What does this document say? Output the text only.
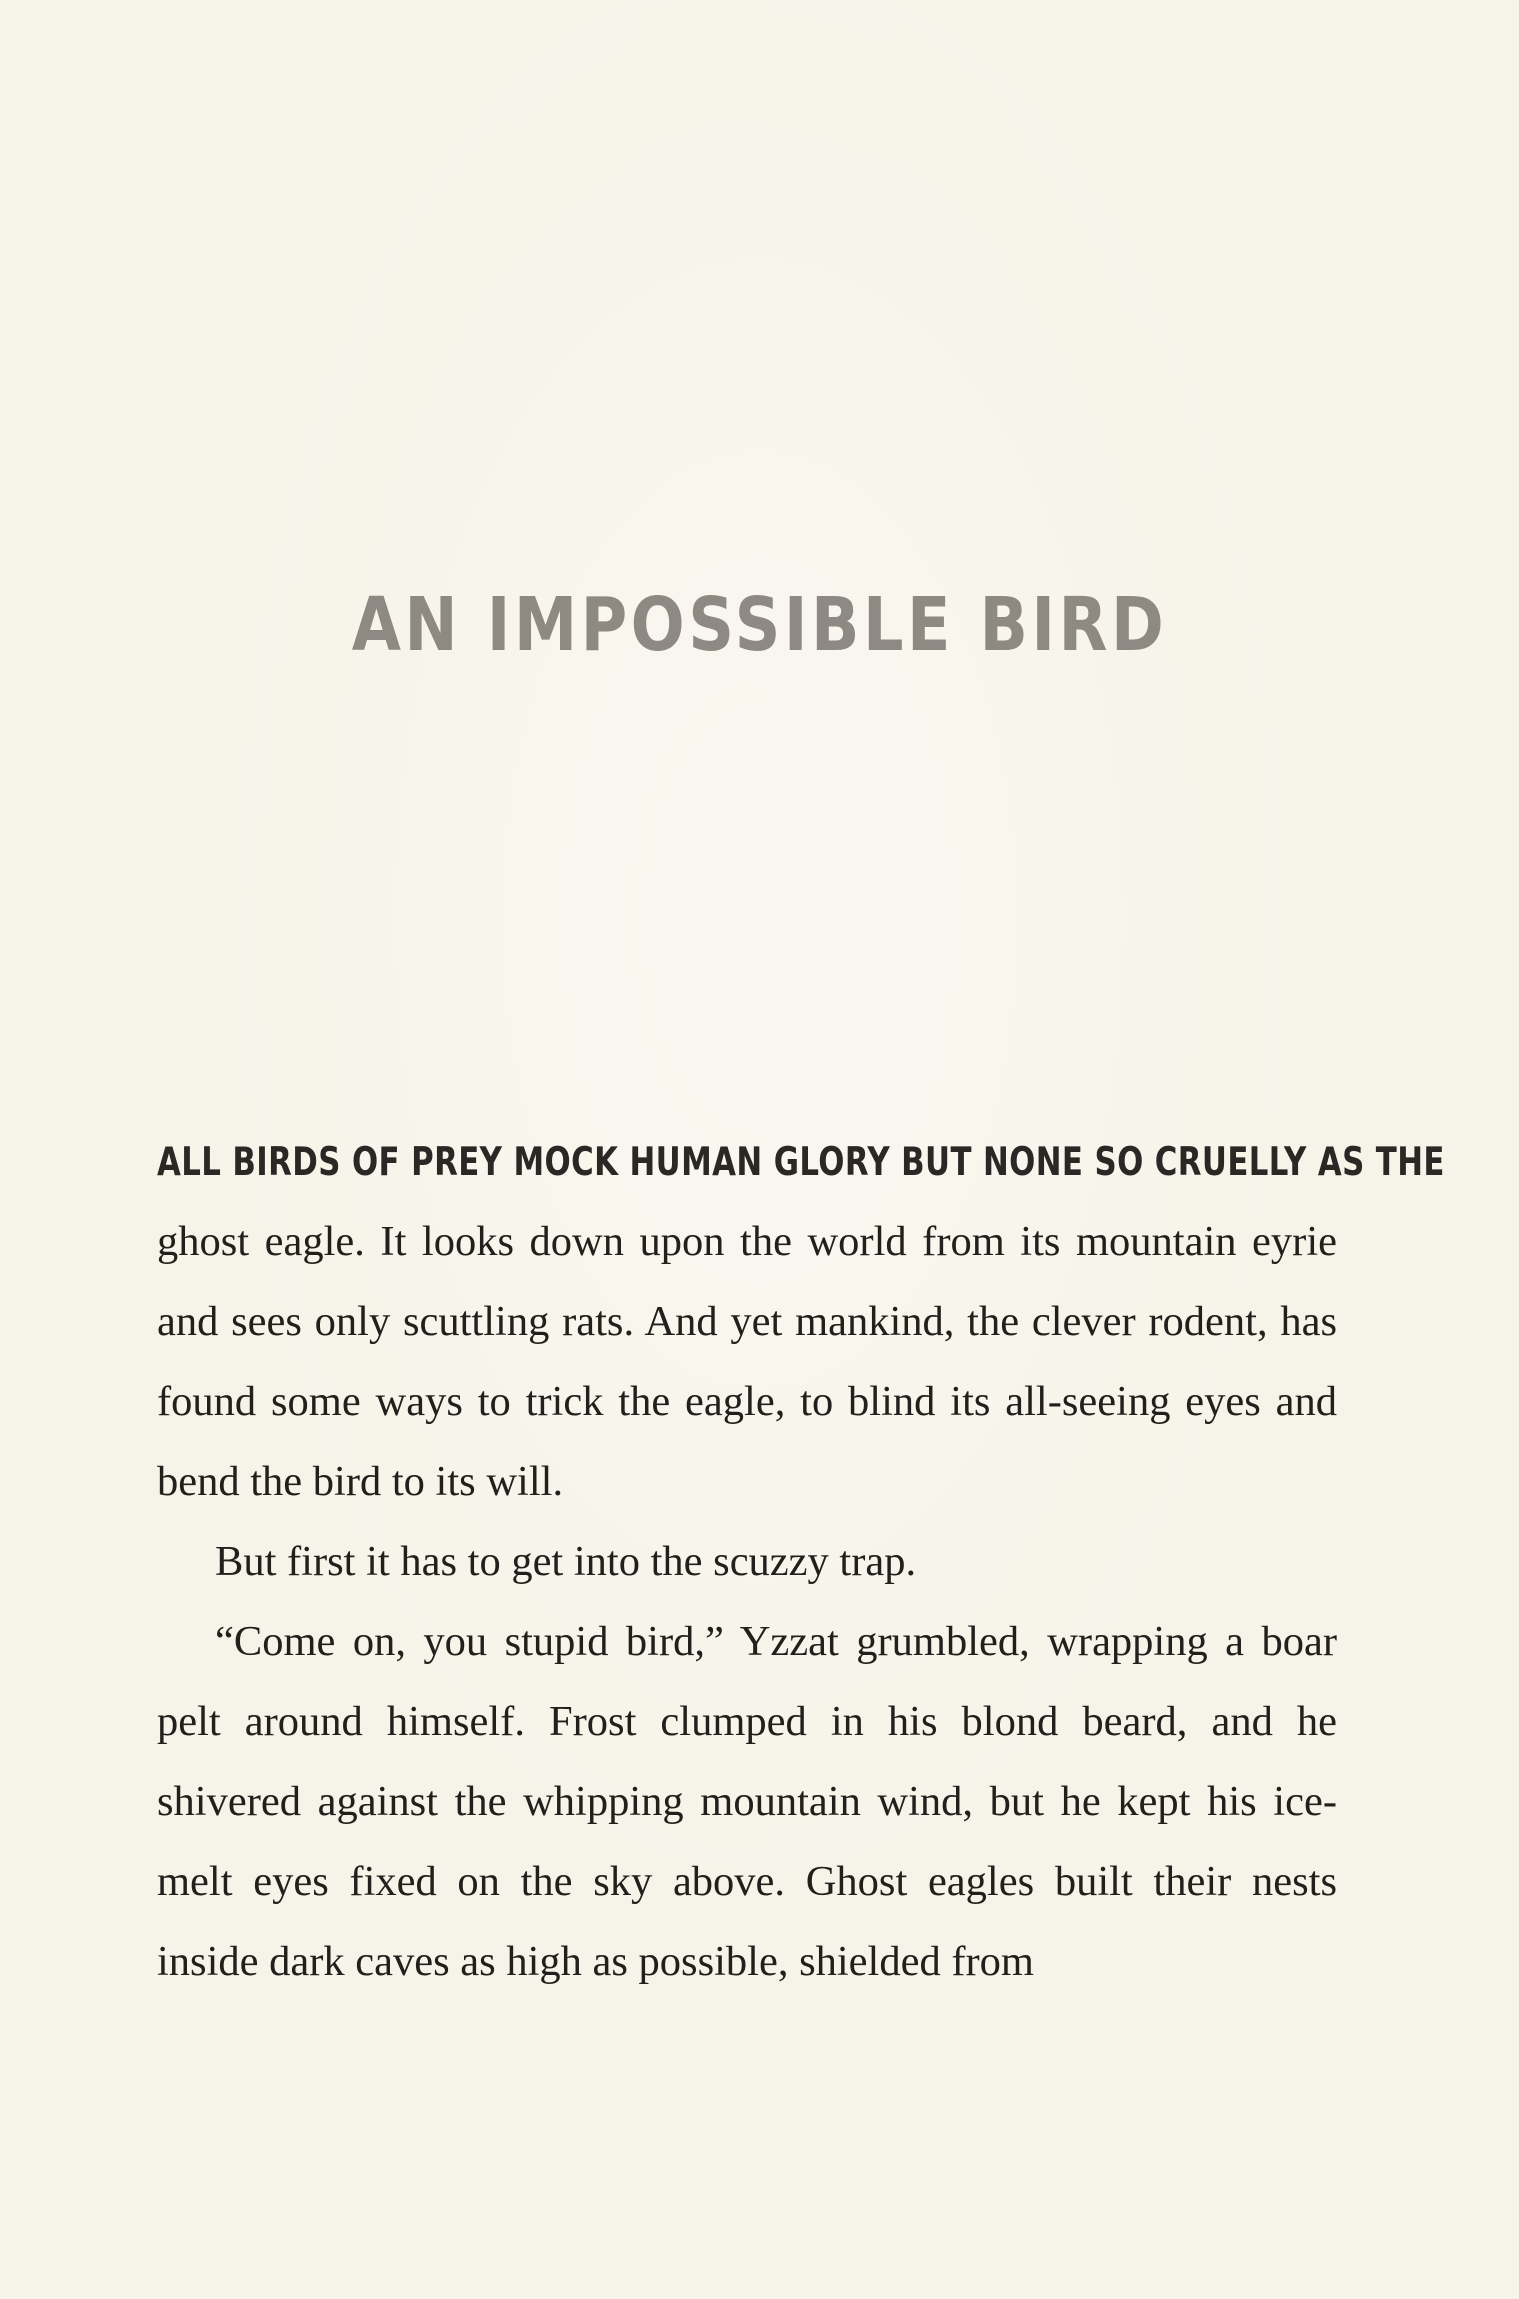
AN IMPOSSIBLE BIRD
ALL BIRDS OF PREY MOCK HUMAN GLORY BUT NONE SO CRUELLY AS THE

ghost eagle. It looks down upon the world from its mountain eyrie and sees only scuttling rats. And yet mankind, the clever rodent, has found some ways to trick the eagle, to blind its all-seeing eyes and bend the bird to its will.

But first it has to get into the scuzzy trap.

“Come on, you stupid bird,” Yzzat grumbled, wrapping a boar pelt around himself. Frost clumped in his blond beard, and he shivered against the whipping mountain wind, but he kept his ice-melt eyes fixed on the sky above. Ghost eagles built their nests inside dark caves as high as possible, shielded from
